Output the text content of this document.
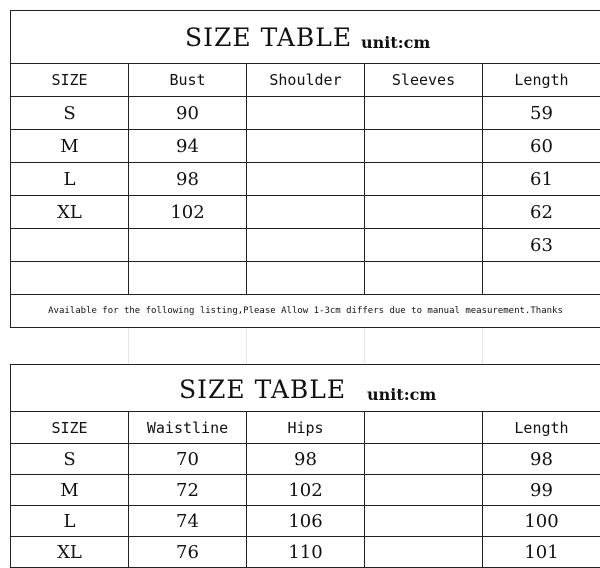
SIZE TABLE unit:cm
SIZE	Bust	Shoulder	Sleeves	Length
S	90			59
M	94			60
L	98			61
XL	102			62
				63

Available for the following listing,Please Allow 1-3cm differs due to manual measurement.Thanks				
SIZE TABLE unit:cm
SIZE	Waistline	Hips		Length
S	70	98		98
M	72	102		99
L	74	106		100
XL	76	110		101
